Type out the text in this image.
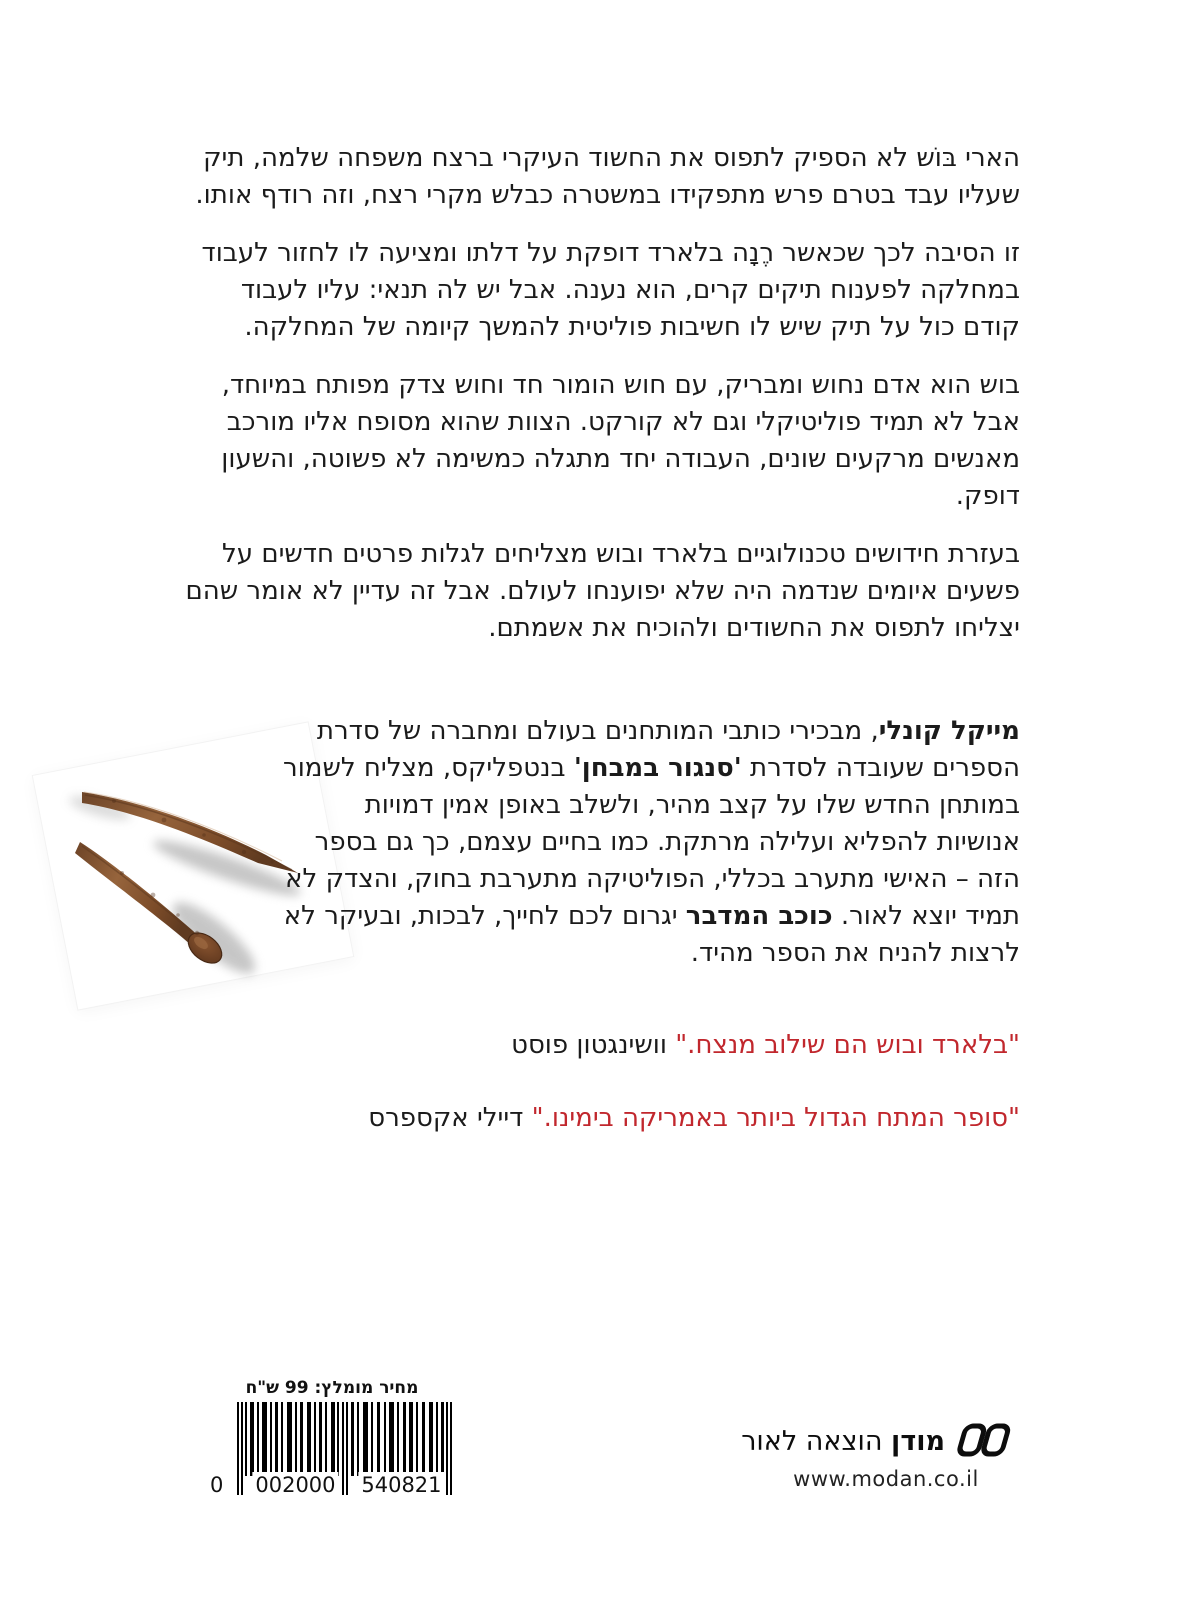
הארי בּוֹש לא הספיק לתפוס את החשוד העיקרי ברצח משפחה שלמה, תיק שעליו עבד בטרם פרש מתפקידו במשטרה כבלש מקרי רצח, וזה רודף אותו.

זו הסיבה לכך שכאשר רֶנָה בלארד דופקת על דלתו ומציעה לו לחזור לעבוד במחלקה לפענוח תיקים קרים, הוא נענה. אבל יש לה תנאי: עליו לעבוד קודם כול על תיק שיש לו חשיבות פוליטית להמשך קיומה של המחלקה.

בוש הוא אדם נחוש ומבריק, עם חוש הומור חד וחוש צדק מפותח במיוחד, אבל לא תמיד פוליטיקלי וגם לא קורקט. הצוות שהוא מסופח אליו מורכב מאנשים מרקעים שונים, העבודה יחד מתגלה כמשימה לא פשוטה, והשעון דופק.

בעזרת חידושים טכנולוגיים בלארד ובוש מצליחים לגלות פרטים חדשים על פשעים איומים שנדמה היה שלא יפוענחו לעולם. אבל זה עדיין לא אומר שהם יצליחו לתפוס את החשודים ולהוכיח את אשמתם.

מייקל קונלי, מבכירי כותבי המותחנים בעולם ומחברה של סדרת הספרים שעובדה לסדרת 'סנגור במבחן' בנטפליקס, מצליח לשמור במותחן החדש שלו על קצב מהיר, ולשלב באופן אמין דמויות אנושיות להפליא ועלילה מרתקת. כמו בחיים עצמם, כך גם בספר הזה – האישי מתערב בכללי, הפוליטיקה מתערבת בחוק, והצדק לא תמיד יוצא לאור. כוכב המדבר יגרום לכם לחייך, לבכות, ובעיקר לא לרצות להניח את הספר מהיד.

"בלארד ובוש הם שילוב מנצח." וושינגטון פוסט

"סופר המתח הגדול ביותר באמריקה בימינו." דיילי אקספרס

מחיר מומלץ: 99 ש"ח
0 002000 540821
מודן הוצאה לאור
www.modan.co.il
